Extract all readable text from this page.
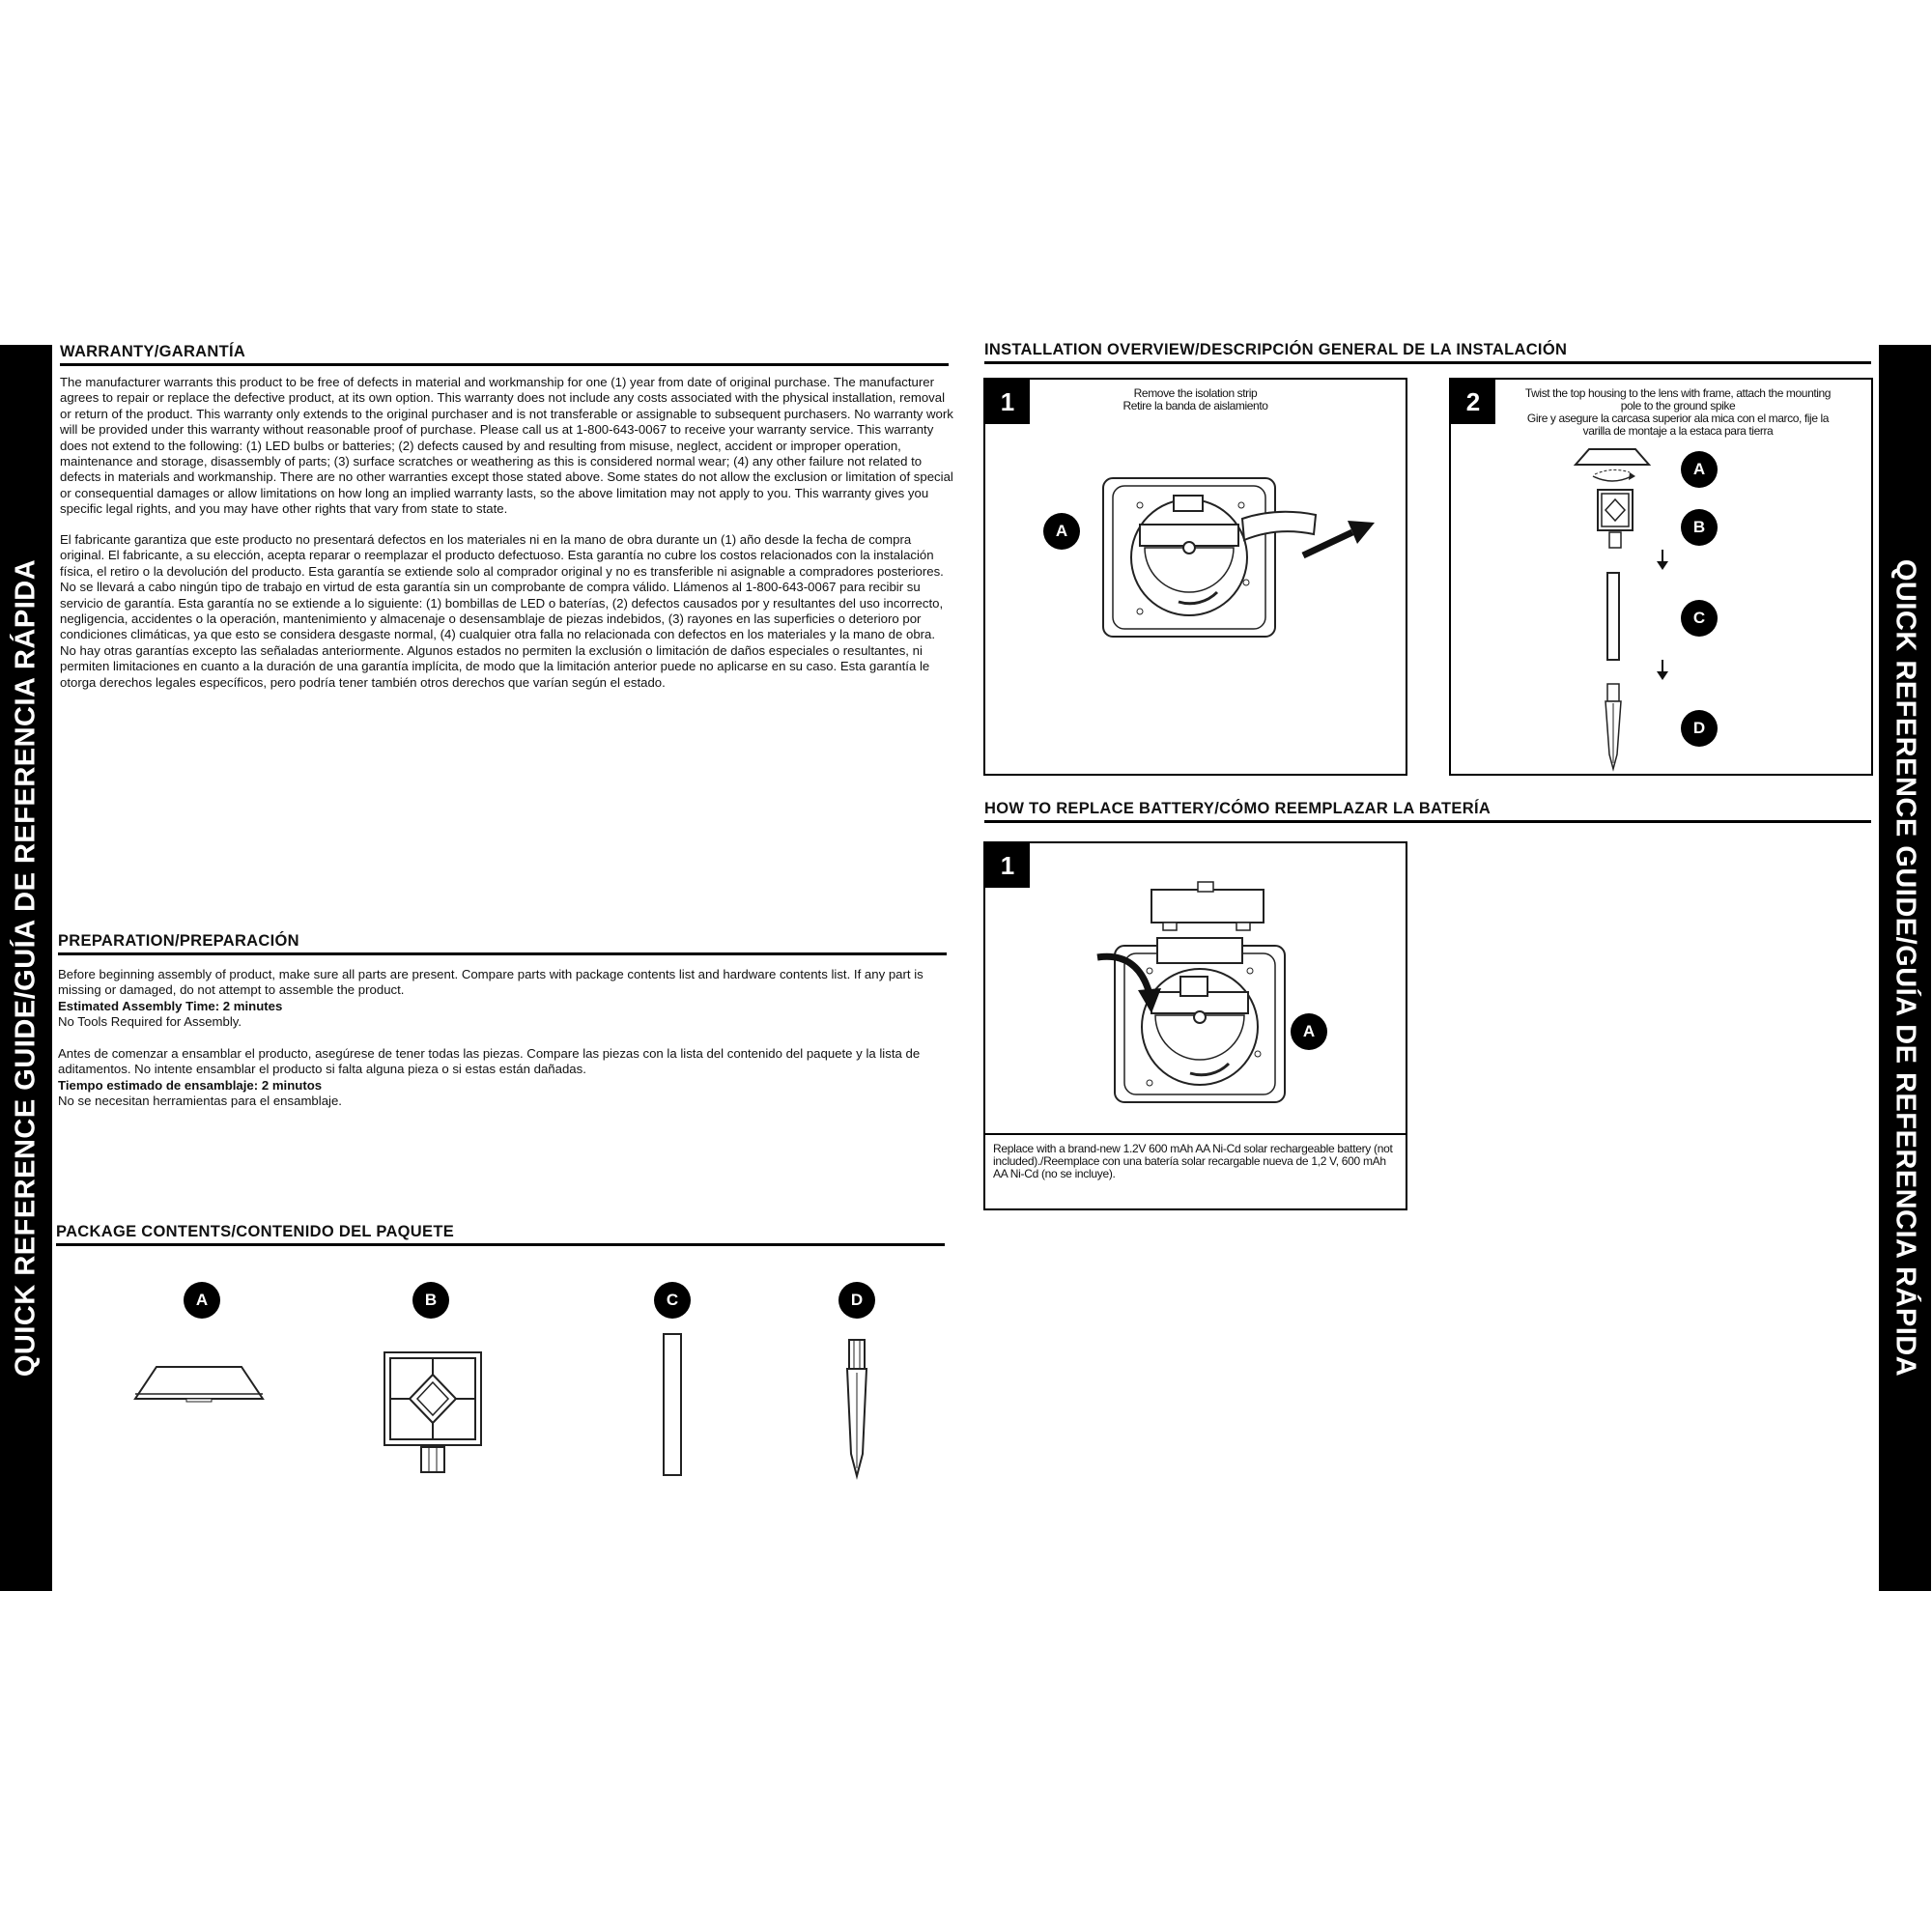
QUICK REFERENCE GUIDE/GUÍA DE REFERENCIA RÁPIDA	QUICK REFERENCE GUIDE/GUÍA DE REFERENCIA RÁPIDA
WARRANTY/GARANTÍA

The manufacturer warrants this product to be free of defects in material and workmanship for one (1) year from date of original purchase. The manufacturer agrees to repair or replace the defective product, at its own option. This warranty does not include any costs associated with the physical installation, removal or return of the product. This warranty only extends to the original purchaser and is not transferable or assignable to subsequent purchasers. No warranty work will be provided under this warranty without reasonable proof of purchase. Please call us at 1-800-643-0067 to receive your warranty service. This warranty does not extend to the following: (1) LED bulbs or batteries; (2) defects caused by and resulting from misuse, neglect, accident or improper operation, maintenance and storage, disassembly of parts; (3) surface scratches or weathering as this is considered normal wear; (4) any other failure not related to defects in materials and workmanship. There are no other warranties except those stated above. Some states do not allow the exclusion or limitation of special or consequential damages or allow limitations on how long an implied warranty lasts, so the above limitation may not apply to you. This warranty gives you specific legal rights, and you may have other rights that vary from state to state.

El fabricante garantiza que este producto no presentará defectos en los materiales ni en la mano de obra durante un (1) año desde la fecha de compra original. El fabricante, a su elección, acepta reparar o reemplazar el producto defectuoso. Esta garantía no cubre los costos relacionados con la instalación física, el retiro o la devolución del producto. Esta garantía se extiende solo al comprador original y no es transferible ni asignable a compradores posteriores. No se llevará a cabo ningún tipo de trabajo en virtud de esta garantía sin un comprobante de compra válido. Llámenos al 1-800-643-0067 para recibir su servicio de garantía. Esta garantía no se extiende a lo siguiente: (1) bombillas de LED o baterías, (2) defectos causados por y resultantes del uso incorrecto, negligencia, accidentes o la operación, mantenimiento y almacenaje o desensamblaje de piezas indebidos, (3) rayones en las superficies o deterioro por condiciones climáticas, ya que esto se considera desgaste normal, (4) cualquier otra falla no relacionada con defectos en los materiales y la mano de obra. No hay otras garantías excepto las señaladas anteriormente. Algunos estados no permiten la exclusión o limitación de daños especiales o resultantes, ni permiten limitaciones en cuanto a la duración de una garantía implícita, de modo que la limitación anterior puede no aplicarse en su caso. Esta garantía le otorga derechos legales específicos, pero podría tener también otros derechos que varían según el estado.

PREPARATION/PREPARACIÓN
Before beginning assembly of product, make sure all parts are present. Compare parts with package contents list and hardware contents list. If any part is missing or damaged, do not attempt to assemble the product.
Estimated Assembly Time: 2 minutes
No Tools Required for Assembly.
Antes de comenzar a ensamblar el producto, asegúrese de tener todas las piezas. Compare las piezas con la lista del contenido del paquete y la lista de aditamentos. No intente ensamblar el producto si falta alguna pieza o si estas están dañadas.
Tiempo estimado de ensamblaje: 2 minutos
No se necesitan herramientas para el ensamblaje.
PACKAGE CONTENTS/CONTENIDO DEL PAQUETE
A	B	C	D
INSTALLATION OVERVIEW/DESCRIPCIÓN GENERAL DE LA INSTALACIÓN
1	Remove the isolation strip
Retire la banda de aislamiento
A
2	Twist the top housing to the lens with frame, attach the mounting pole to the ground spike
Gire y asegure la carcasa superior ala mica con el marco, fije la varilla de montaje a la estaca para tierra
A
B
C
D
HOW TO REPLACE BATTERY/CÓMO REEMPLAZAR LA BATERÍA
1
A
Replace with a brand-new 1.2V 600 mAh AA Ni-Cd solar rechargeable battery (not included)./Reemplace con una batería solar recargable nueva de 1,2 V, 600 mAh AA Ni-Cd (no se incluye).
